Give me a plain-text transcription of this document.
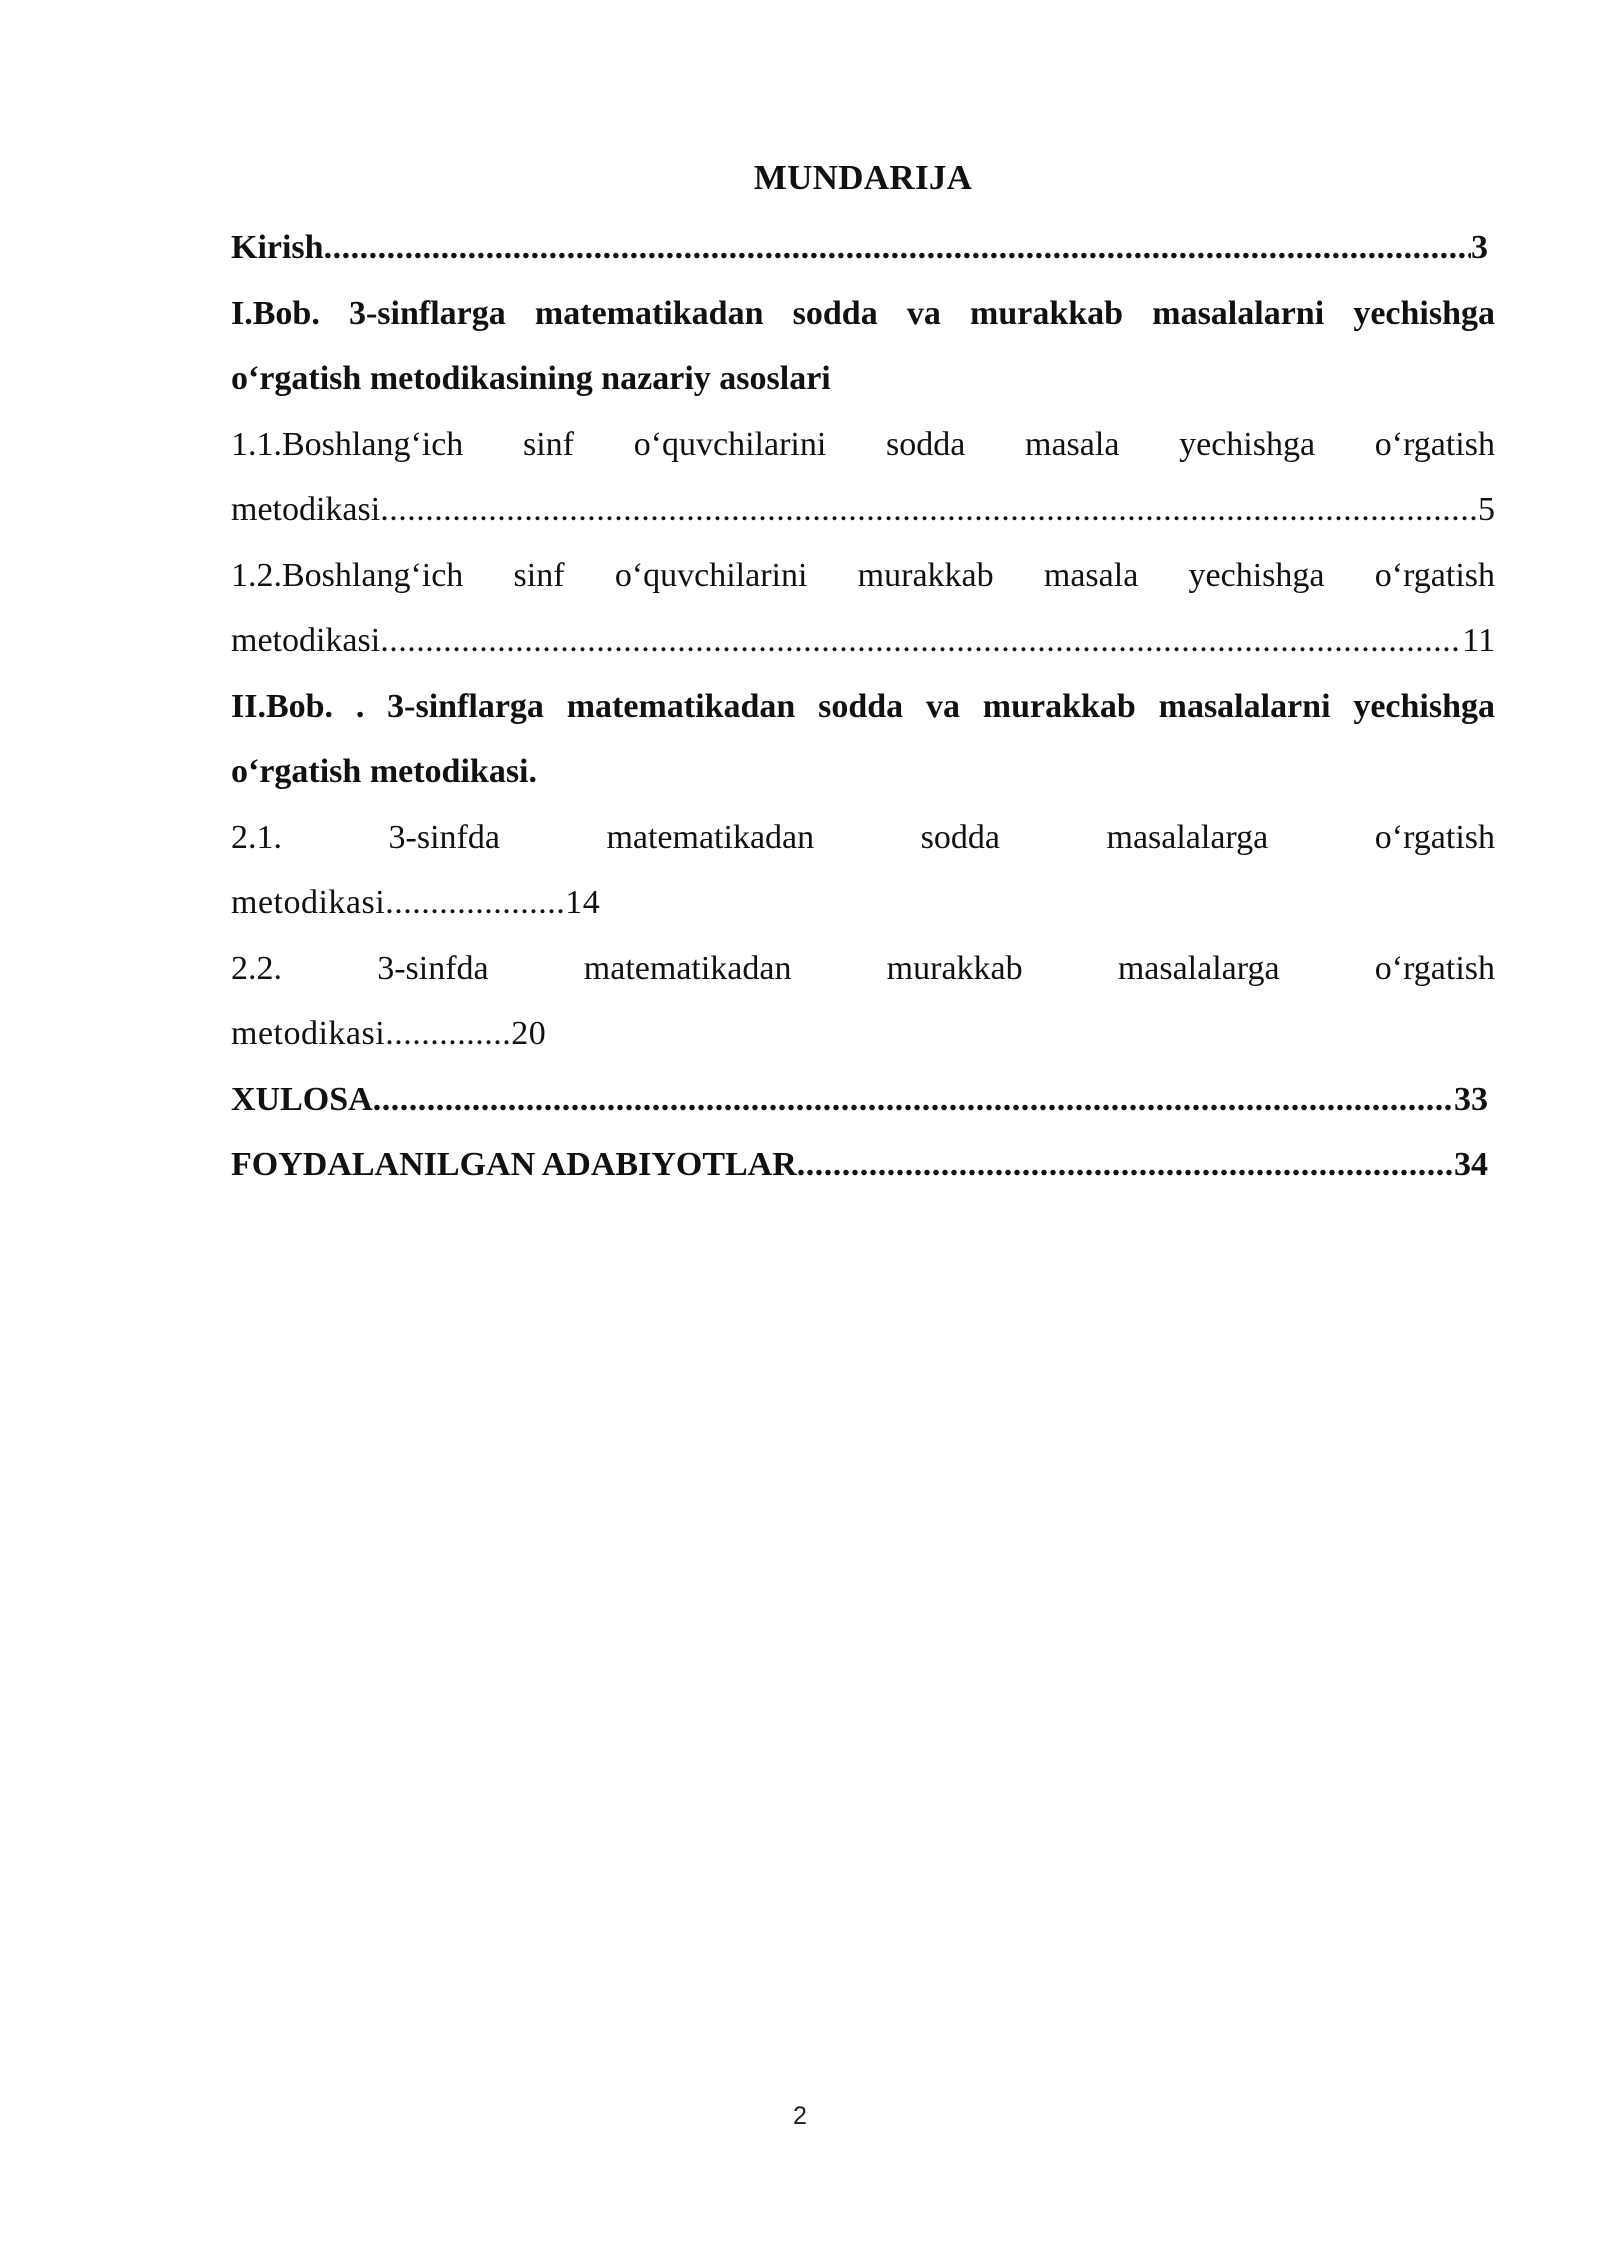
MUNDARIJA
Kirish .....	3
I.Bob. 3-sinflarga matematikadan sodda va murakkab masalalarni yechishga
o‘rgatish metodikasining nazariy asoslari
1.1.Boshlang‘ich sinf o‘quvchilarini sodda masala yechishga o‘rgatish
metodikasi .....	5
1.2.Boshlang‘ich sinf o‘quvchilarini murakkab masala yechishga o‘rgatish
metodikasi .....	11
II.Bob. . 3-sinflarga matematikadan sodda va murakkab masalalarni yechishga
o‘rgatish metodikasi.
2.1. 3-sinfda matematikadan sodda masalalarga o‘rgatish
metodikasi....................14
2.2. 3-sinfda matematikadan murakkab masalalarga o‘rgatish
metodikasi..............20
XULOSA .....	33
FOYDALANILGAN ADABIYOTLAR .....	34
2
